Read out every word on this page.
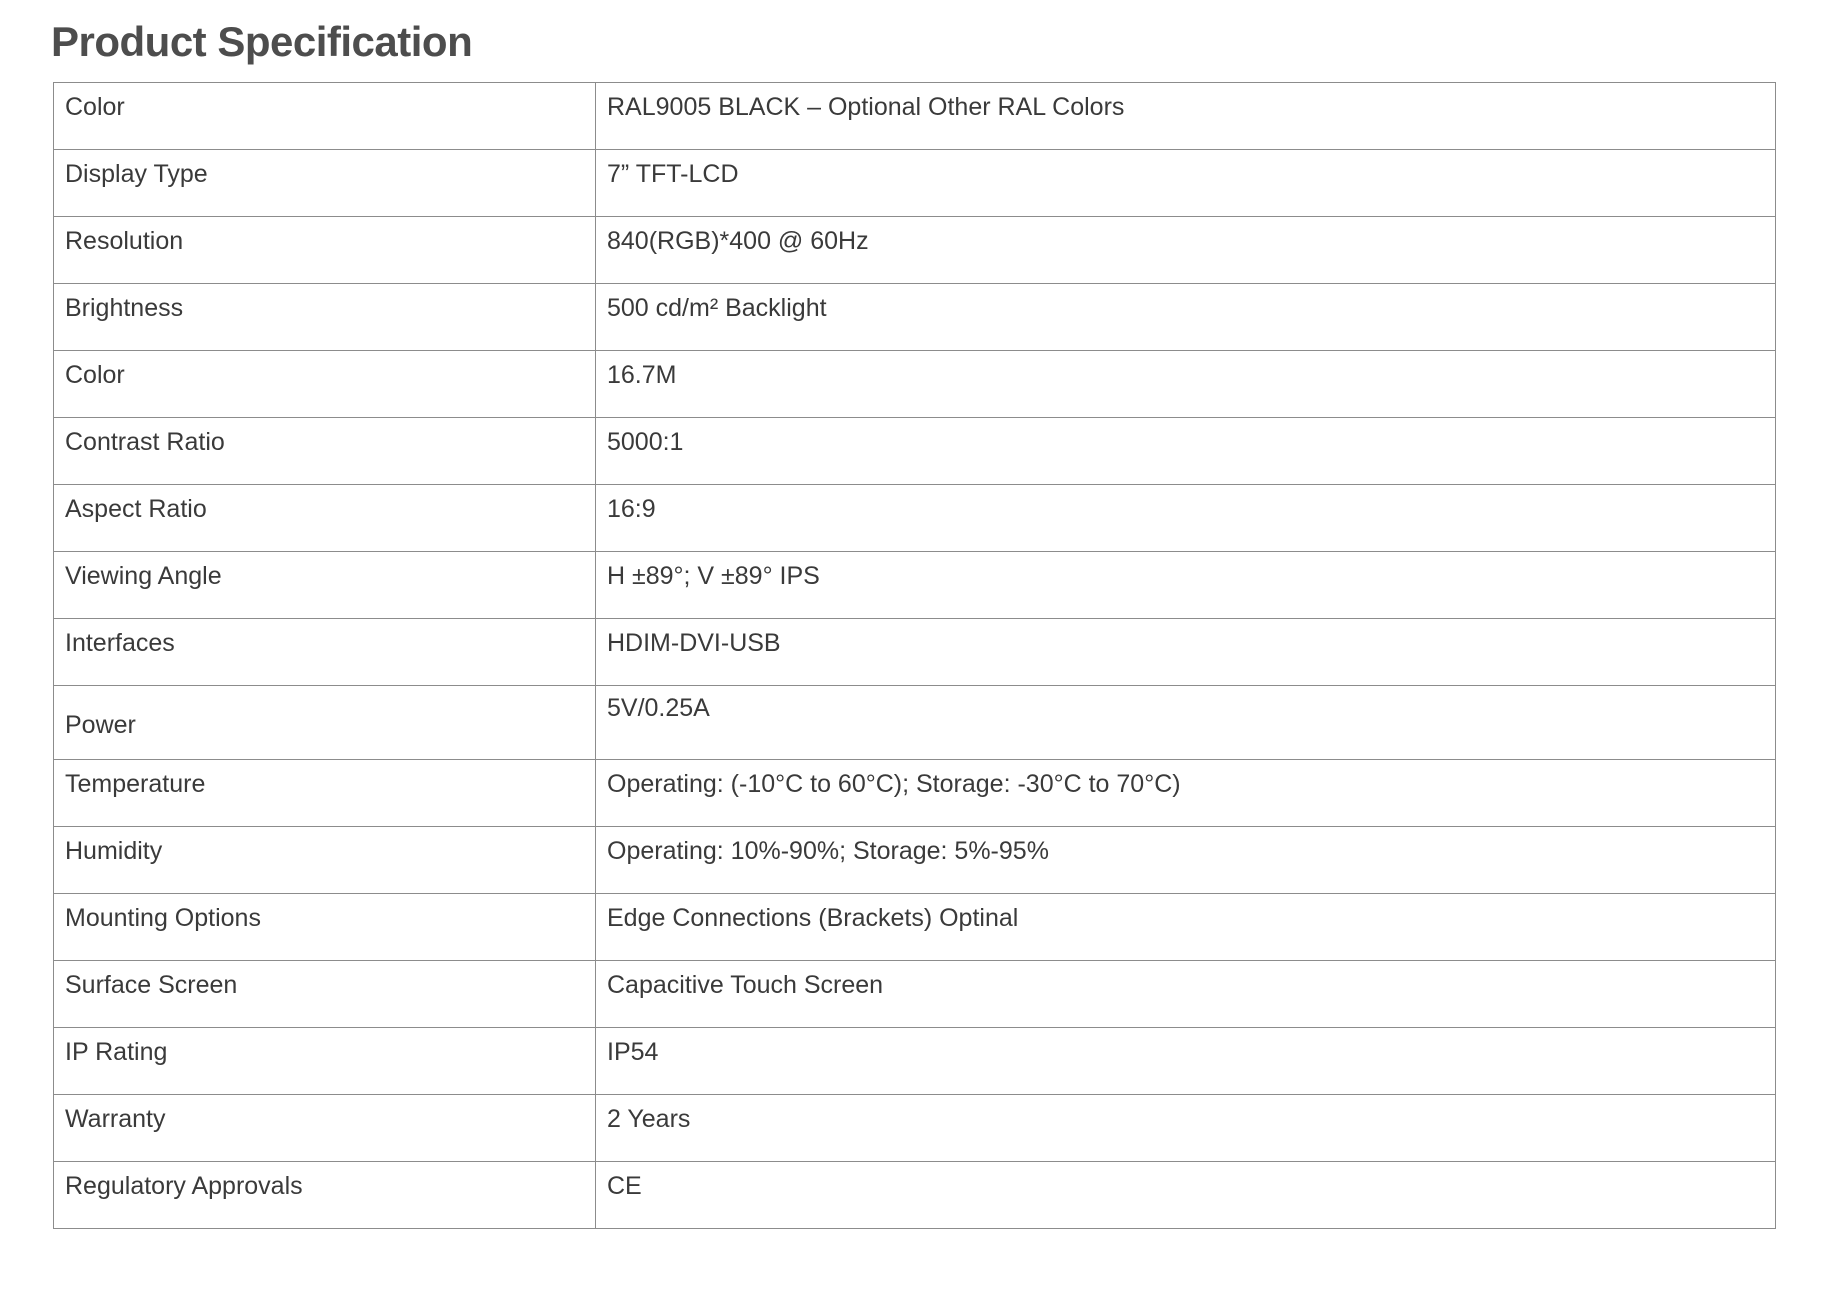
Product Specification
Color	RAL9005 BLACK – Optional Other RAL Colors
Display Type	7” TFT-LCD
Resolution	840(RGB)*400 @ 60Hz
Brightness	500 cd/m² Backlight
Color	16.7M
Contrast Ratio	5000:1
Aspect Ratio	16:9
Viewing Angle	H ±89°; V ±89° IPS
Interfaces	HDIM-DVI-USB
Power	5V/0.25A
Temperature	Operating: (-10°C to 60°C); Storage: -30°C to 70°C)
Humidity	Operating: 10%-90%; Storage: 5%-95%
Mounting Options	Edge Connections (Brackets) Optinal
Surface Screen	Capacitive Touch Screen
IP Rating	IP54
Warranty	2 Years
Regulatory Approvals	CE
